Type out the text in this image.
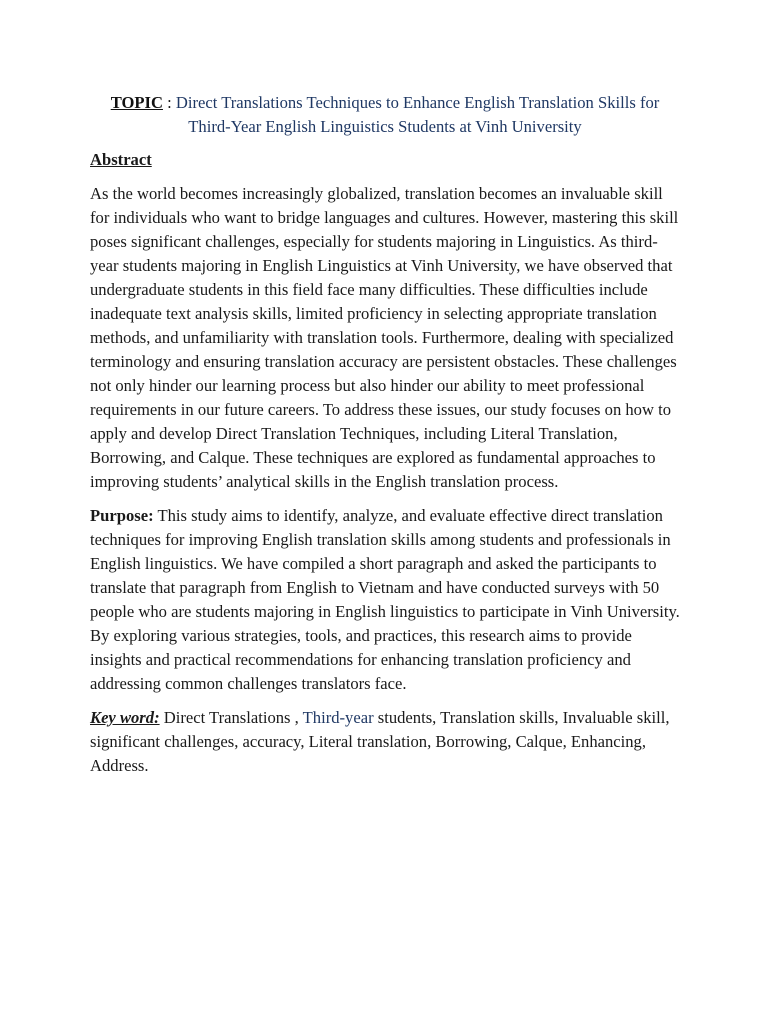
TOPIC : Direct Translations Techniques to Enhance English Translation Skills for Third-Year English Linguistics Students at Vinh University
Abstract

As the world becomes increasingly globalized, translation becomes an invaluable skill for individuals who want to bridge languages and cultures. However, mastering this skill poses significant challenges, especially for students majoring in Linguistics. As third-year students majoring in English Linguistics at Vinh University, we have observed that undergraduate students in this field face many difficulties. These difficulties include inadequate text analysis skills, limited proficiency in selecting appropriate translation methods, and unfamiliarity with translation tools. Furthermore, dealing with specialized terminology and ensuring translation accuracy are persistent obstacles. These challenges not only hinder our learning process but also hinder our ability to meet professional requirements in our future careers. To address these issues, our study focuses on how to apply and develop Direct Translation Techniques, including Literal Translation, Borrowing, and Calque. These techniques are explored as fundamental approaches to improving students’ analytical skills in the English translation process.

Purpose: This study aims to identify, analyze, and evaluate effective direct translation techniques for improving English translation skills among students and professionals in English linguistics. We have compiled a short paragraph and asked the participants to translate that paragraph from English to Vietnam and have conducted surveys with 50 people who are students majoring in English linguistics to participate in Vinh University. By exploring various strategies, tools, and practices, this research aims to provide insights and practical recommendations for enhancing translation proficiency and addressing common challenges translators face.

Key word: Direct Translations , Third-year students, Translation skills, Invaluable skill, significant challenges, accuracy, Literal translation, Borrowing, Calque, Enhancing, Address.
